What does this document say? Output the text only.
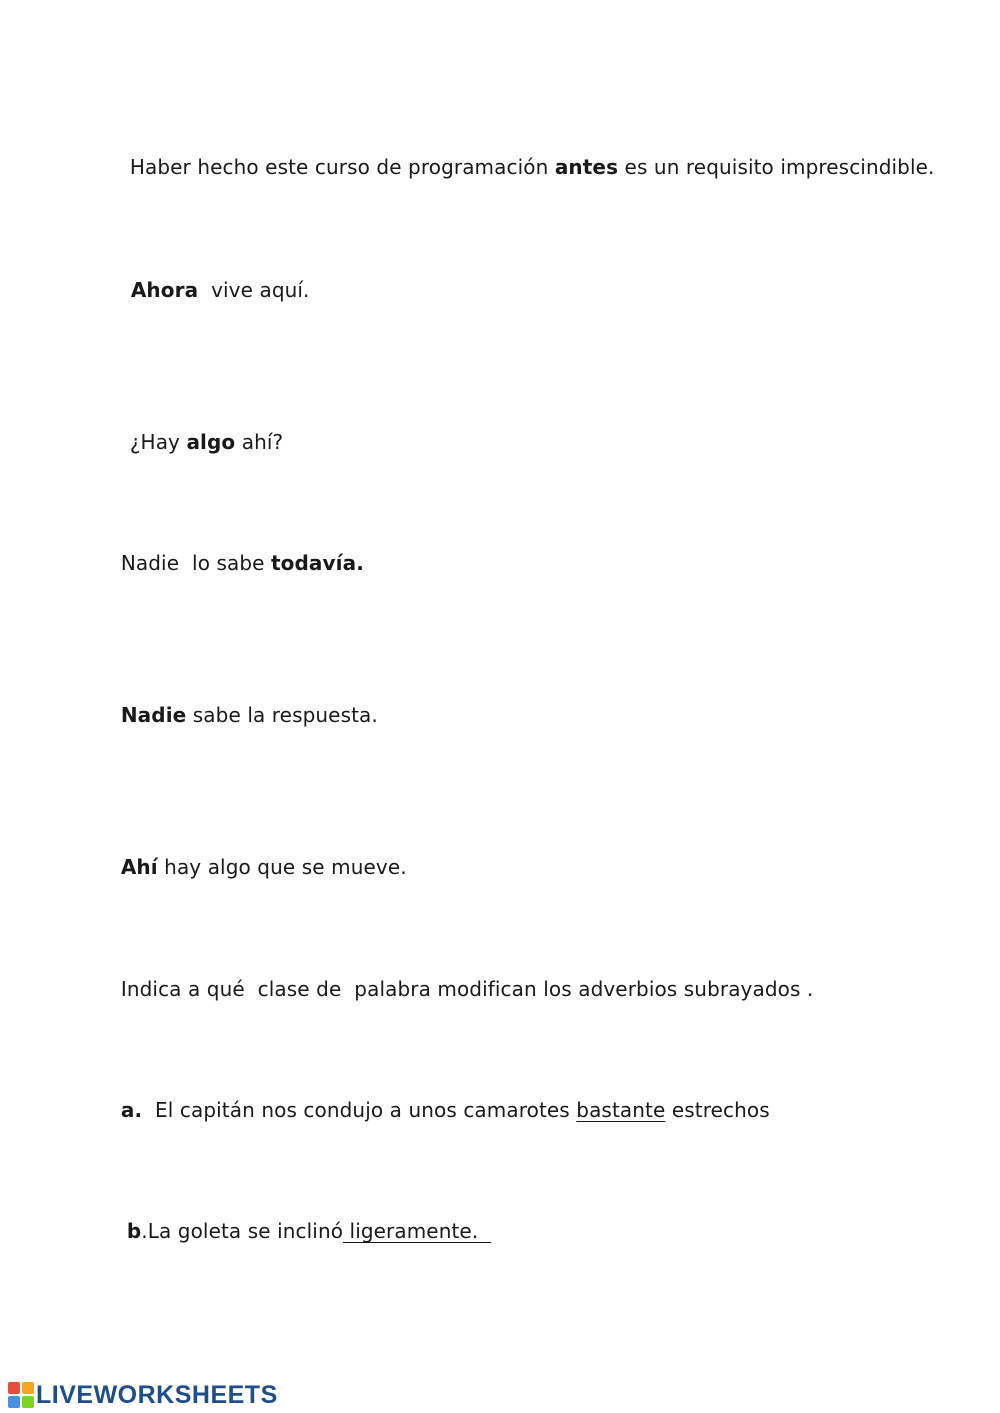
Haber hecho este curso de programación antes es un requisito imprescindible.

Ahora  vive aquí.

¿Hay algo ahí?

Nadie  lo sabe todavía.

Nadie sabe la respuesta.

Ahí hay algo que se mueve.

Indica a qué  clase de  palabra modifican los adverbios subrayados .

a.  El capitán nos condujo a unos camarotes bastante estrechos

b.La goleta se inclinó ligeramente.

LIVEWORKSHEETS
